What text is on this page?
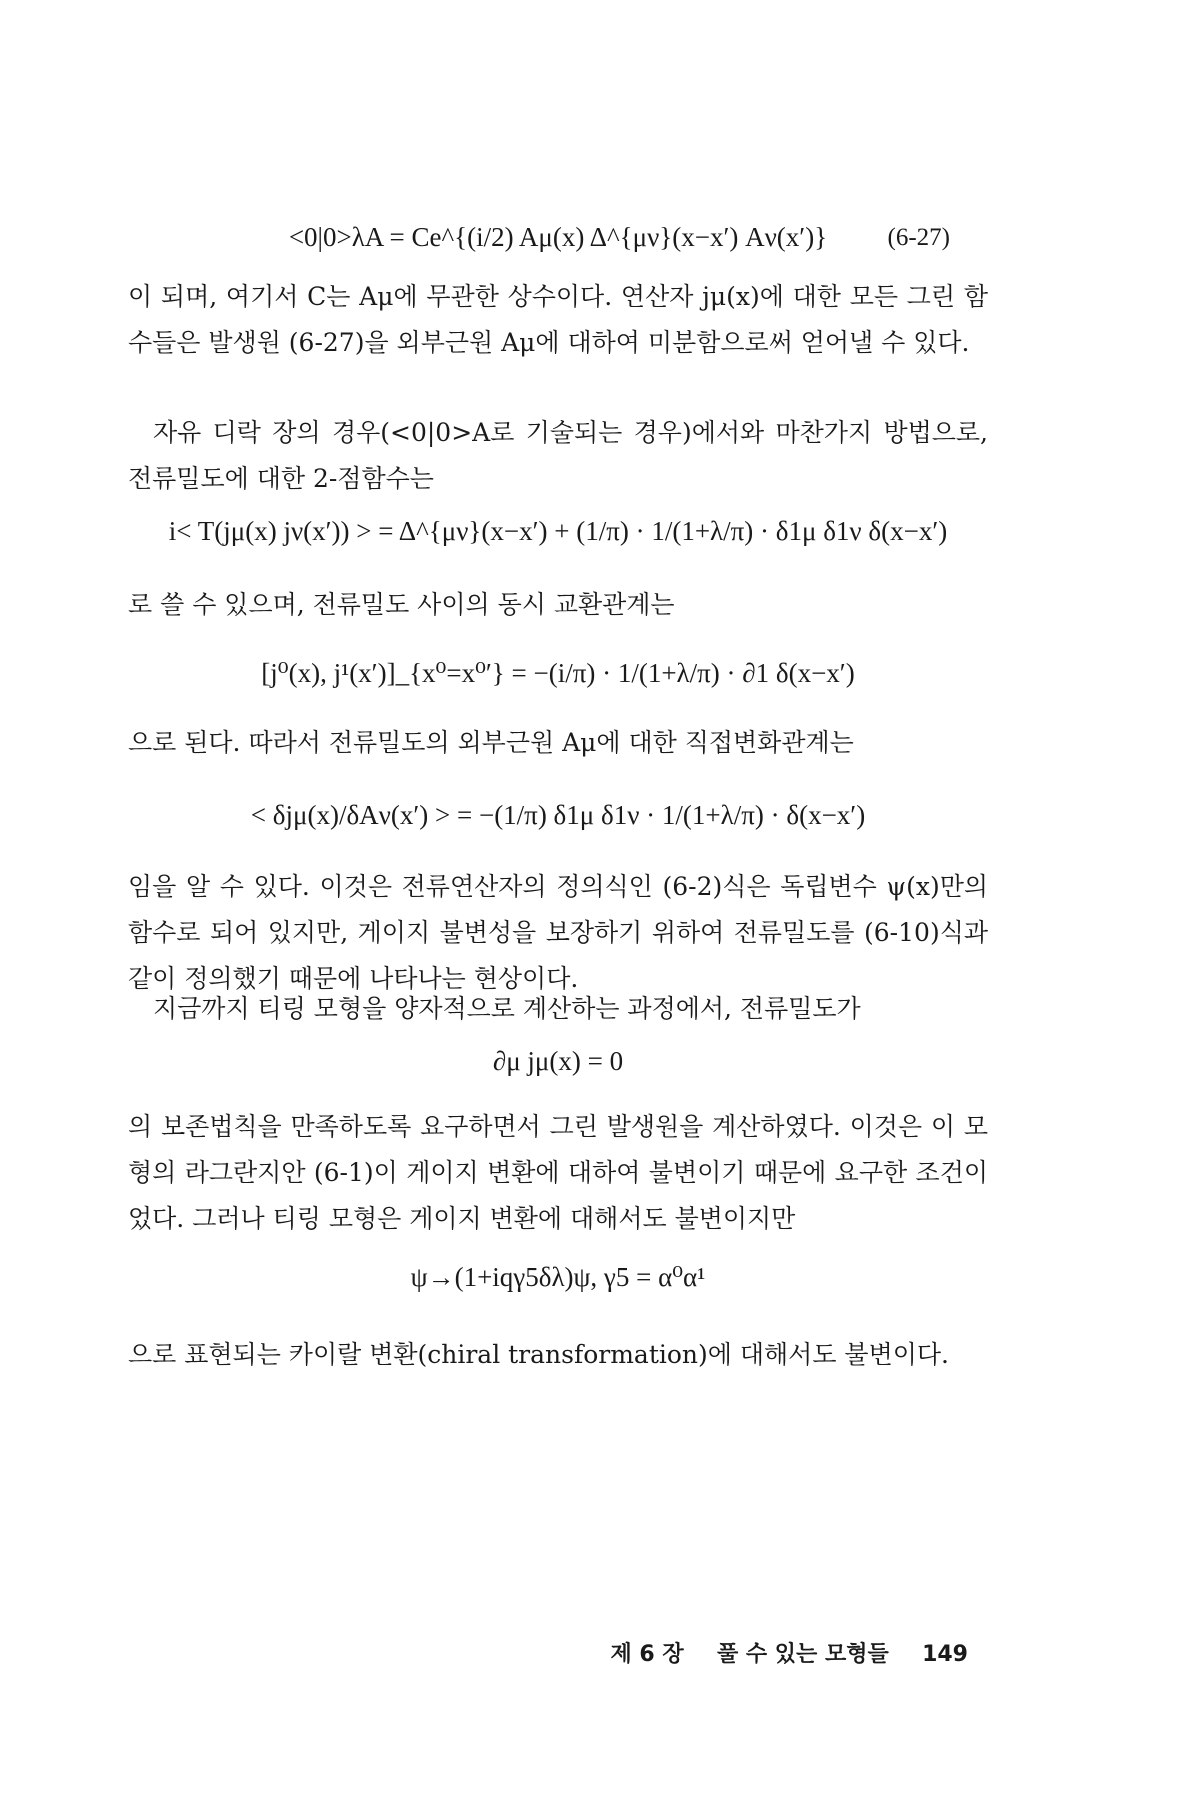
<0|0>λA = Ce^{(i/2) Aμ(x) Δ^{μν}(x−x′) Aν(x′)}	(6-27)
이 되며, 여기서 C는 Aμ에 무관한 상수이다. 연산자 jμ(x)에 대한 모든 그린 함수들은 발생원 (6-27)을 외부근원 Aμ에 대하여 미분함으로써 얻어낼 수 있다.
자유 디락 장의 경우(<0|0>A로 기술되는 경우)에서와 마찬가지 방법으로, 전류밀도에 대한 2-점함수는
i< T(jμ(x) jν(x′)) > = Δ^{μν}(x−x′) + (1/π) · 1/(1+λ/π) · δ1μ δ1ν δ(x−x′)
로 쓸 수 있으며, 전류밀도 사이의 동시 교환관계는
[j⁰(x), j¹(x′)]_{x⁰=x⁰′} = −(i/π) · 1/(1+λ/π) · ∂1 δ(x−x′)
으로 된다. 따라서 전류밀도의 외부근원 Aμ에 대한 직접변화관계는
< δjμ(x)/δAν(x′) > = −(1/π) δ1μ δ1ν · 1/(1+λ/π) · δ(x−x′)
임을 알 수 있다. 이것은 전류연산자의 정의식인 (6-2)식은 독립변수 ψ(x)만의 함수로 되어 있지만, 게이지 불변성을 보장하기 위하여 전류밀도를 (6-10)식과 같이 정의했기 때문에 나타나는 현상이다.
지금까지 티링 모형을 양자적으로 계산하는 과정에서, 전류밀도가
∂μ jμ(x) = 0
의 보존법칙을 만족하도록 요구하면서 그린 발생원을 계산하였다. 이것은 이 모형의 라그란지안 (6-1)이 게이지 변환에 대하여 불변이기 때문에 요구한 조건이었다. 그러나 티링 모형은 게이지 변환에 대해서도 불변이지만
ψ→(1+iqγ5δλ)ψ, γ5 = α⁰α¹
으로 표현되는 카이랄 변환(chiral transformation)에 대해서도 불변이다.
제 6 장 풀 수 있는 모형들 149
